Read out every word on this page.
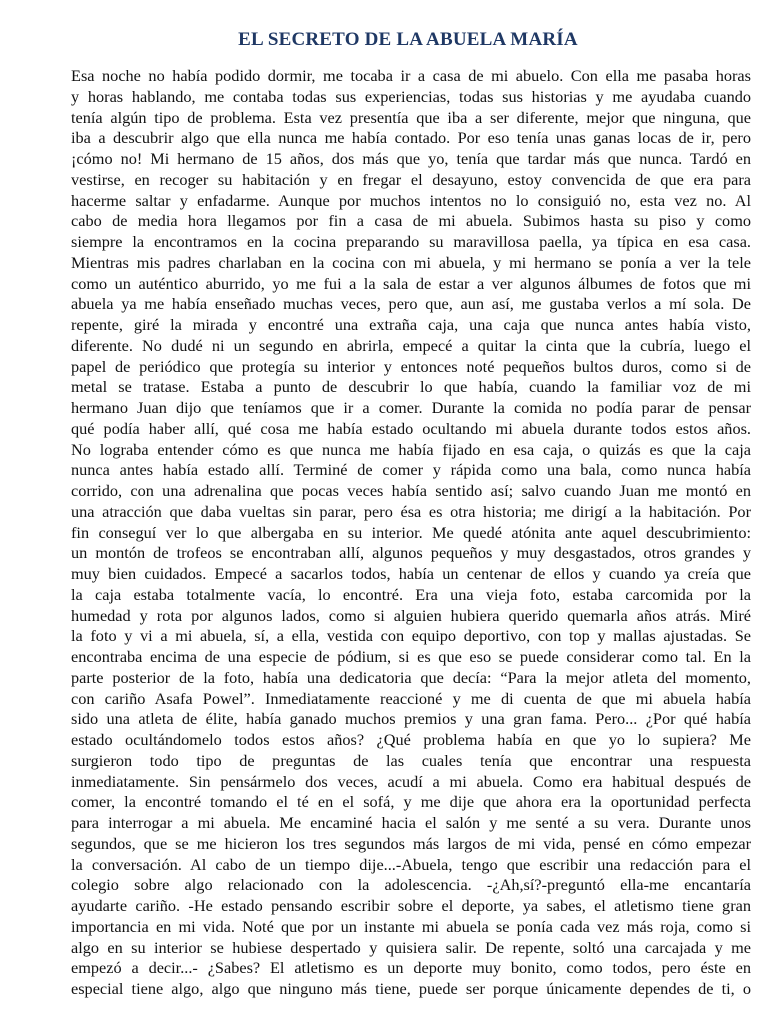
EL SECRETO DE LA ABUELA MARÍA
Esa noche no había podido dormir, me tocaba ir a casa de mi abuelo. Con ella me pasaba horas
y horas hablando, me contaba todas sus experiencias, todas sus historias y me ayudaba cuando
tenía algún tipo de problema. Esta vez presentía que iba a ser diferente, mejor que ninguna, que
iba a descubrir algo que ella nunca me había contado. Por eso tenía unas ganas locas de ir, pero
¡cómo no! Mi hermano de 15 años, dos más que yo, tenía que tardar más que nunca. Tardó en
vestirse, en recoger su habitación y en fregar el desayuno, estoy convencida de que era para
hacerme saltar y enfadarme. Aunque por muchos intentos no lo consiguió no, esta vez no. Al
cabo de media hora llegamos por fin a casa de mi abuela. Subimos hasta su piso y como
siempre la encontramos en la cocina preparando su maravillosa paella, ya típica en esa casa.
Mientras mis padres charlaban en la cocina con mi abuela, y mi hermano se ponía a ver la tele
como un auténtico aburrido, yo me fui a la sala de estar a ver algunos álbumes de fotos que mi
abuela ya me había enseñado muchas veces, pero que, aun así, me gustaba verlos a mí sola. De
repente, giré la mirada y encontré una extraña caja, una caja que nunca antes había visto,
diferente. No dudé ni un segundo en abrirla, empecé a quitar la cinta que la cubría, luego el
papel de periódico que protegía su interior y entonces noté pequeños bultos duros, como si de
metal se tratase. Estaba a punto de descubrir lo que había, cuando la familiar voz de mi
hermano Juan dijo que teníamos que ir a comer. Durante la comida no podía parar de pensar
qué podía haber allí, qué cosa me había estado ocultando mi abuela durante todos estos años.
No lograba entender cómo es que nunca me había fijado en esa caja, o quizás es que la caja
nunca antes había estado allí. Terminé de comer y rápida como una bala, como nunca había
corrido, con una adrenalina que pocas veces había sentido así; salvo cuando Juan me montó en
una atracción que daba vueltas sin parar, pero ésa es otra historia; me dirigí a la habitación. Por
fin conseguí ver lo que albergaba en su interior. Me quedé atónita ante aquel descubrimiento:
un montón de trofeos se encontraban allí, algunos pequeños y muy desgastados, otros grandes y
muy bien cuidados. Empecé a sacarlos todos, había un centenar de ellos y cuando ya creía que
la caja estaba totalmente vacía, lo encontré. Era una vieja foto, estaba carcomida por la
humedad y rota por algunos lados, como si alguien hubiera querido quemarla años atrás. Miré
la foto y vi a mi abuela, sí, a ella, vestida con equipo deportivo, con top y mallas ajustadas. Se
encontraba encima de una especie de pódium, si es que eso se puede considerar como tal. En la
parte posterior de la foto, había una dedicatoria que decía: “Para la mejor atleta del momento,
con cariño Asafa Powel”. Inmediatamente reaccioné y me di cuenta de que mi abuela había
sido una atleta de élite, había ganado muchos premios y una gran fama. Pero... ¿Por qué había
estado ocultándomelo todos estos años? ¿Qué problema había en que yo lo supiera? Me
surgieron todo tipo de preguntas de las cuales tenía que encontrar una respuesta
inmediatamente. Sin pensármelo dos veces, acudí a mi abuela. Como era habitual después de
comer, la encontré tomando el té en el sofá, y me dije que ahora era la oportunidad perfecta
para interrogar a mi abuela. Me encaminé hacia el salón y me senté a su vera. Durante unos
segundos, que se me hicieron los tres segundos más largos de mi vida, pensé en cómo empezar
la conversación. Al cabo de un tiempo dije...-Abuela, tengo que escribir una redacción para el
colegio sobre algo relacionado con la adolescencia. -¿Ah,sí?-preguntó ella-me encantaría
ayudarte cariño. -He estado pensando escribir sobre el deporte, ya sabes, el atletismo tiene gran
importancia en mi vida. Noté que por un instante mi abuela se ponía cada vez más roja, como si
algo en su interior se hubiese despertado y quisiera salir. De repente, soltó una carcajada y me
empezó a decir...- ¿Sabes? El atletismo es un deporte muy bonito, como todos, pero éste en
especial tiene algo, algo que ninguno más tiene, puede ser porque únicamente dependes de ti, o
